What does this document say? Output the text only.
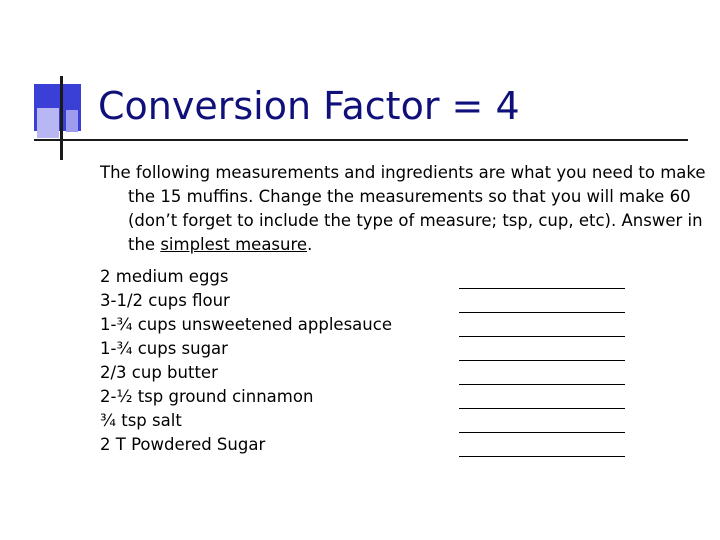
Conversion Factor = 4
The following measurements and ingredients are what you need to make the 15 muffins. Change the measurements so that you will make 60 (don’t forget to include the type of measure; tsp, cup, etc). Answer in the simplest measure.
2 medium eggs
3-1/2 cups flour
1-¾ cups unsweetened applesauce
1-¾ cups sugar
2/3 cup butter
2-½ tsp ground cinnamon
¾ tsp salt
2 T Powdered Sugar
